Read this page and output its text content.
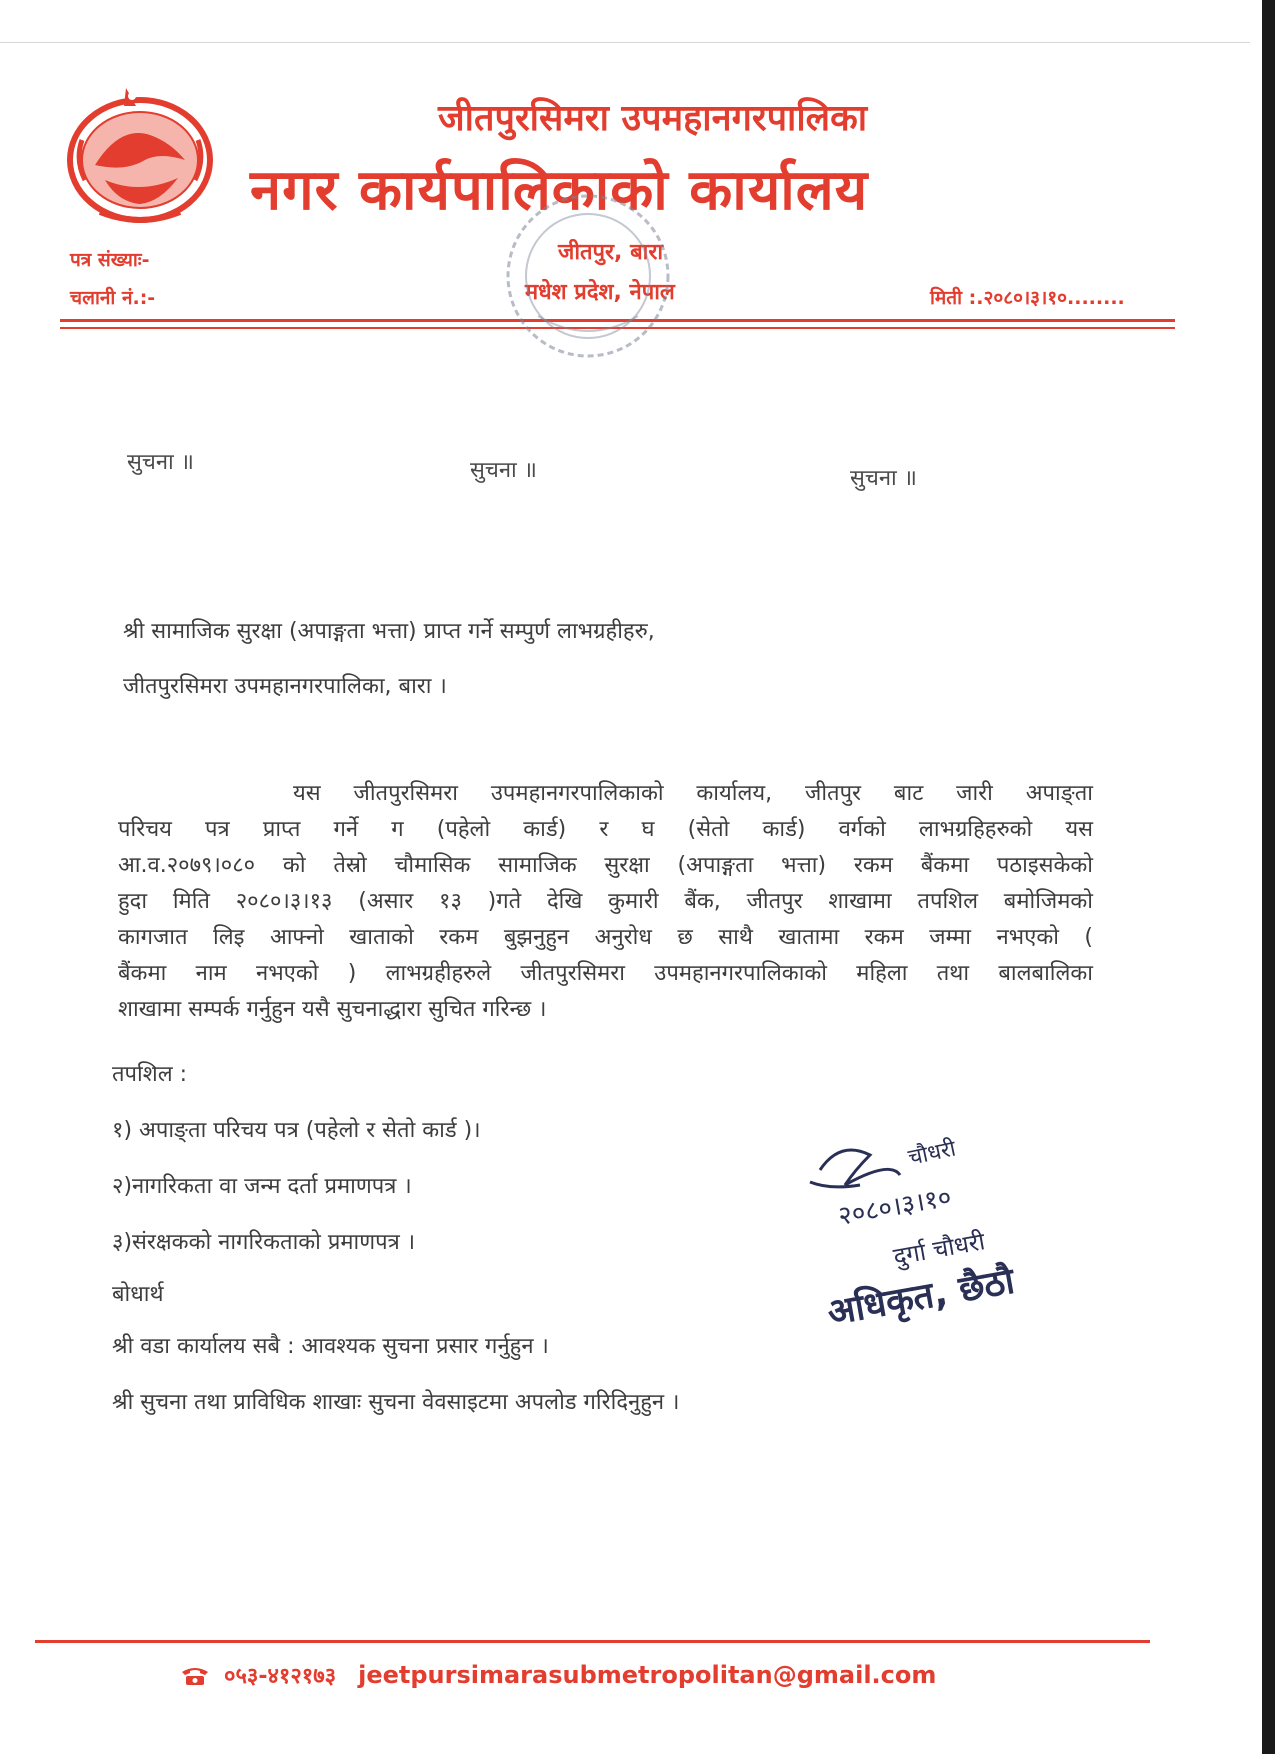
जीतपुरसिमरा उपमहानगरपालिका
नगर कार्यपालिकाको कार्यालय
जीतपुर, बारा
मधेश प्रदेश, नेपाल
पत्र संख्याः-
चलानी नं.:-	मिती :.२०८०।३।१०........
सुचना ॥	सुचना ॥	सुचना ॥
श्री सामाजिक सुरक्षा (अपाङ्गता भत्ता) प्राप्त गर्ने सम्पुर्ण लाभग्रहीहरु,
जीतपुरसिमरा उपमहानगरपालिका, बारा ।
यस जीतपुरसिमरा उपमहानगरपालिकाको कार्यालय, जीतपुर बाट जारी अपाङ्ता
परिचय पत्र प्राप्त गर्ने ग (पहेलो कार्ड) र घ (सेतो कार्ड) वर्गको लाभग्रहिहरुको यस
आ.व.२०७९।०८० को तेस्रो चौमासिक सामाजिक सुरक्षा (अपाङ्गता भत्ता) रकम बैंकमा पठाइसकेको
हुदा मिति २०८०।३।१३ (असार १३ )गते देखि कुमारी बैंक, जीतपुर शाखामा तपशिल बमोजिमको
कागजात लिइ आफ्नो खाताको रकम बुझनुहुन अनुरोध छ साथै खातामा रकम जम्मा नभएको (
बैंकमा नाम नभएको ) लाभग्रहीहरुले जीतपुरसिमरा उपमहानगरपालिकाको महिला तथा बालबालिका
शाखामा सम्पर्क गर्नुहुन यसै सुचनाद्धारा सुचित गरिन्छ ।
तपशिल :
१) अपाङ्ता परिचय पत्र (पहेलो र सेतो कार्ड )।
२)नागरिकता वा जन्म दर्ता प्रमाणपत्र ।
३)संरक्षकको नागरिकताको प्रमाणपत्र ।
बोधार्थ
श्री वडा कार्यालय सबै : आवश्यक सुचना प्रसार गर्नुहुन ।
श्री सुचना तथा प्राविधिक शाखाः सुचना वेवसाइटमा अपलोड गरिदिनुहुन ।
चौधरी
२०८०।३।१०
दुर्गा चौधरी
अधिकृत, छैठौ
०५३-४१२१७३ jeetpursimarasubmetropolitan@gmail.com
